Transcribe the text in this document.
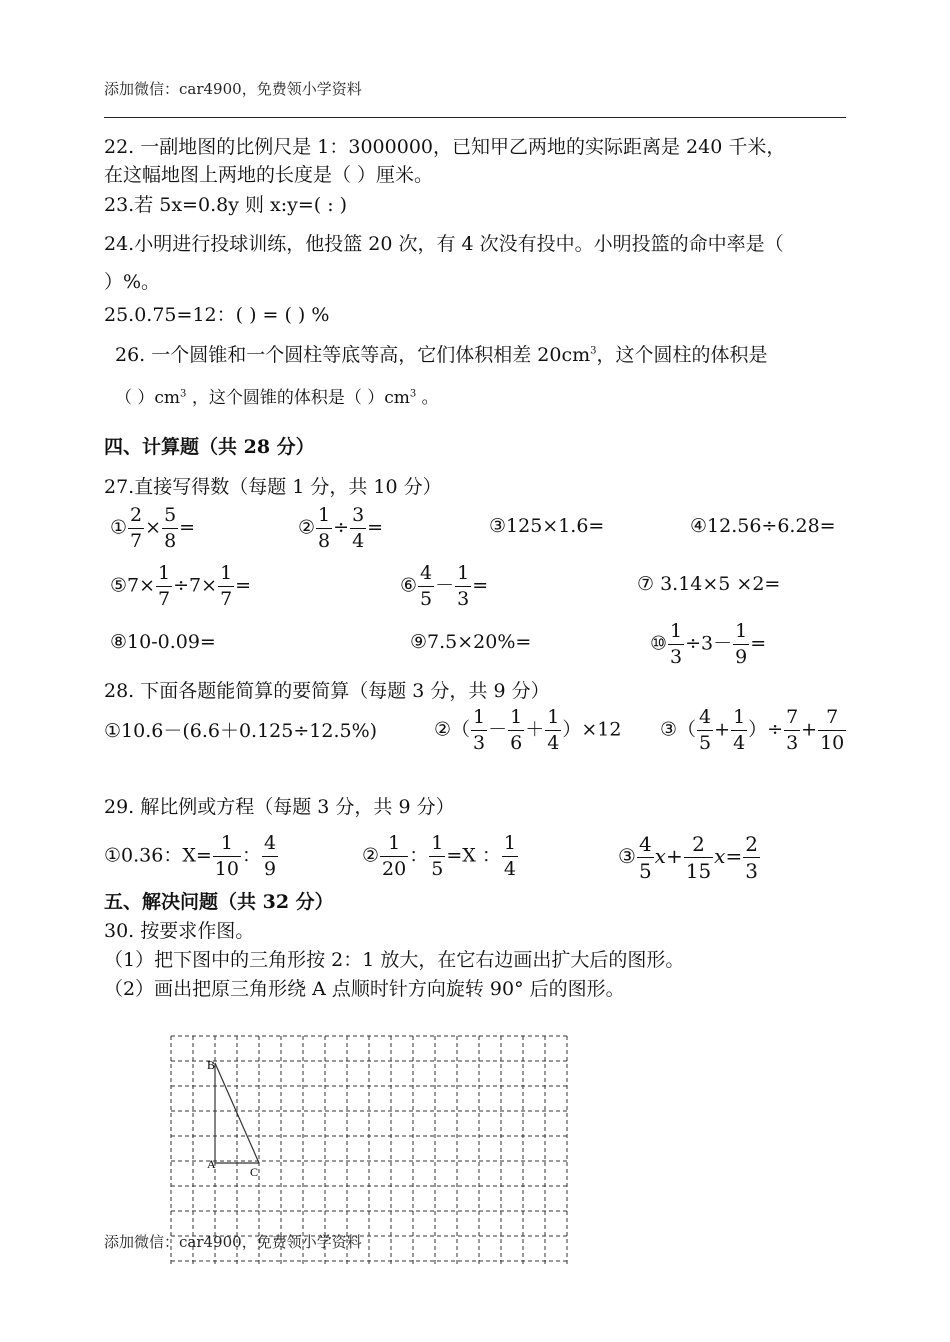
添加微信：car4900，免费领小学资料
22. 一副地图的比例尺是 1：3000000，已知甲乙两地的实际距离是 240 千米，
在这幅地图上两地的长度是（ ）厘米。
23.若 5x=0.8y 则 x:y=( : )
24.小明进行投球训练，他投篮 20 次，有 4 次没有投中。小明投篮的命中率是（
）%。
25.0.75=12：( ) = ( ) %
26. 一个圆锥和一个圆柱等底等高，它们体积相差 $20cm^3$，这个圆柱的体积是
（ ）$cm^3$ ，这个圆锥的体积是（ ）$cm^3$ 。
四、计算题（共 28 分）
27.直接写得数（每题 1 分，共 10 分）
① $\frac{2}{7} \times \frac{5}{8}$ =	② $\frac{1}{8} \div \frac{3}{4}$ =	③125×1.6=	④12.56÷6.28=
⑤7× $\frac{1}{7} \div 7\times \frac{1}{7}$ =	⑥ $\frac{4}{5} - \frac{1}{3}$ =	⑦ 3.14×5 ×2=
⑧10-0.09=	⑨7.5×20%=	⑩ $\frac{1}{3} \div 3- \frac{1}{9}$ =
28. 下面各题能简算的要简算（每题 3 分，共 9 分）
①10.6－(6.6＋0.125÷12.5%)	②（ $\frac{1}{3} - \frac{1}{6} + \frac{1}{4} )\times 12$ ③（ $\frac{4}{5} + \frac{1}{4}$ ）÷ $\frac{7}{3} + \frac{7}{10}$
29. 解比例或方程（每题 3 分，共 9 分）
①0.36：$X= \frac{1}{10}$ ： $\frac{4}{9}$	② $\frac{1}{20}$ ： $\frac{1}{5} =X$ ： $\frac{1}{4}$	③ $\frac{4}{5} x+ \frac{2}{15} x= \frac{2}{3}$
五、解决问题（共 32 分）
30. 按要求作图。
（1）把下图中的三角形按 2：1 放大，在它右边画出扩大后的图形。
（2）画出把原三角形绕 A 点顺时针方向旋转 90° 后的图形。
B
A
C
添加微信：car4900，免费领小学资料
